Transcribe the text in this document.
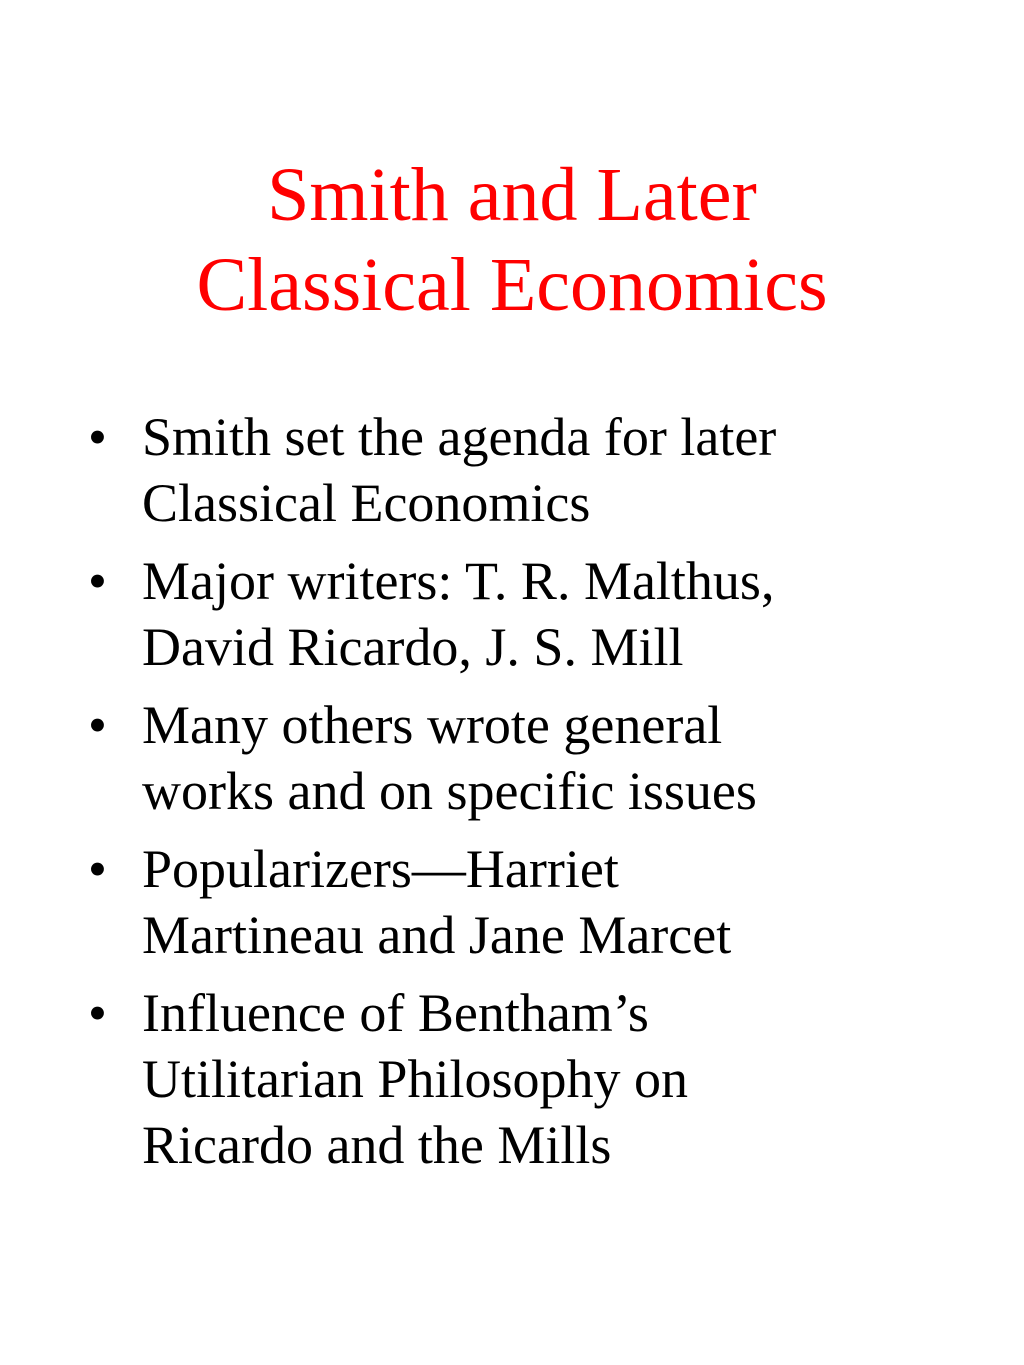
Smith and Later
Classical Economics
• Smith set the agenda for later
Classical Economics
• Major writers: T. R. Malthus,
David Ricardo, J. S. Mill
• Many others wrote general
works and on specific issues
• Popularizers—Harriet
Martineau and Jane Marcet
• Influence of Bentham’s
Utilitarian Philosophy on
Ricardo and the Mills
